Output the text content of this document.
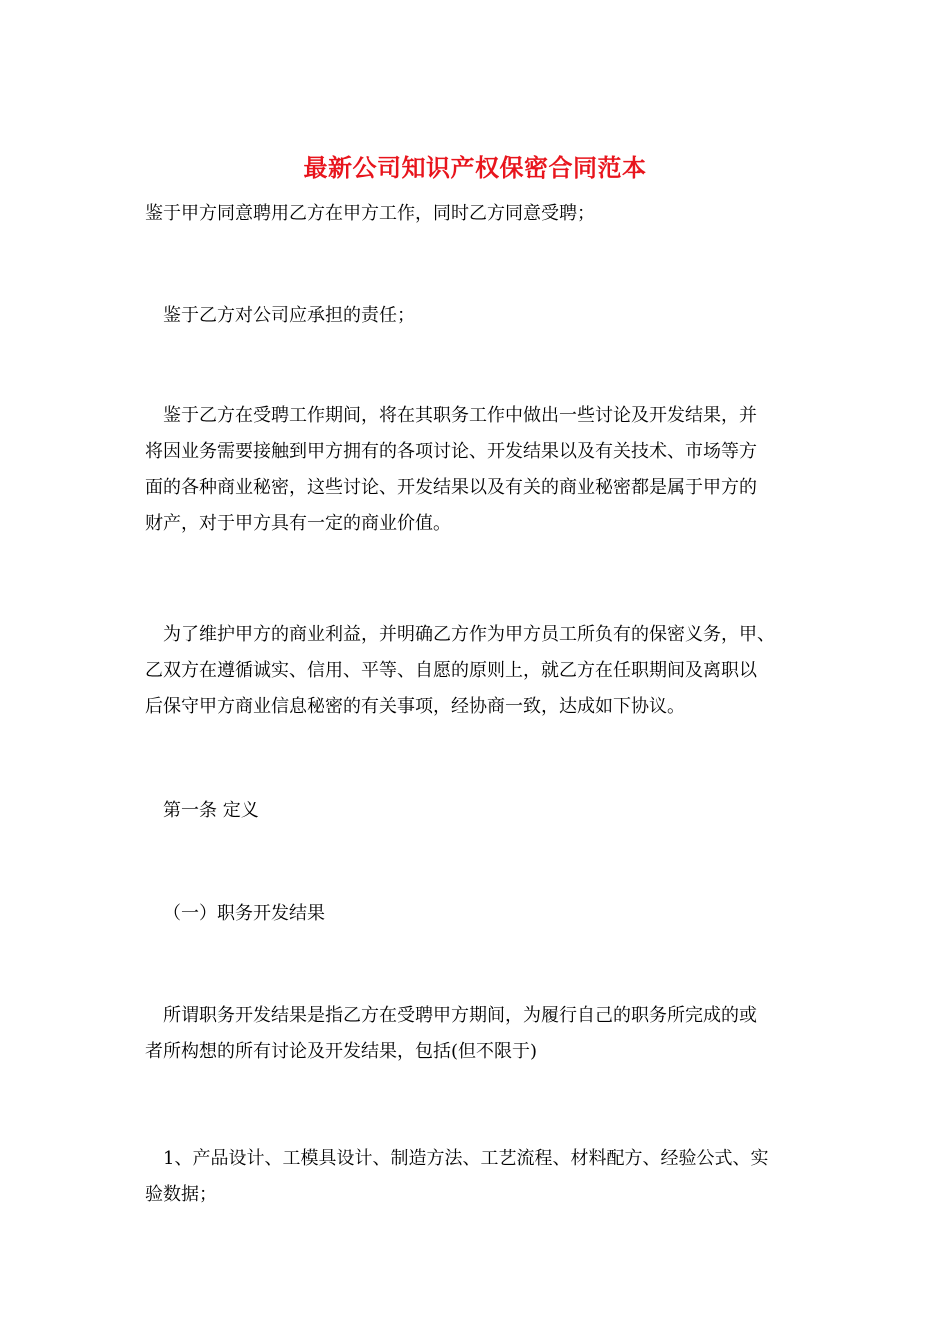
最新公司知识产权保密合同范本
鉴于甲方同意聘用乙方在甲方工作，同时乙方同意受聘；
鉴于乙方对公司应承担的责任；
鉴于乙方在受聘工作期间，将在其职务工作中做出一些讨论及开发结果，并
将因业务需要接触到甲方拥有的各项讨论、开发结果以及有关技术、市场等方
面的各种商业秘密，这些讨论、开发结果以及有关的商业秘密都是属于甲方的
财产，对于甲方具有一定的商业价值。
为了维护甲方的商业利益，并明确乙方作为甲方员工所负有的保密义务，甲、
乙双方在遵循诚实、信用、平等、自愿的原则上，就乙方在任职期间及离职以
后保守甲方商业信息秘密的有关事项，经协商一致，达成如下协议。
第一条 定义
（一）职务开发结果
所谓职务开发结果是指乙方在受聘甲方期间，为履行自己的职务所完成的或
者所构想的所有讨论及开发结果，包括(但不限于)
1、产品设计、工模具设计、制造方法、工艺流程、材料配方、经验公式、实
验数据；
